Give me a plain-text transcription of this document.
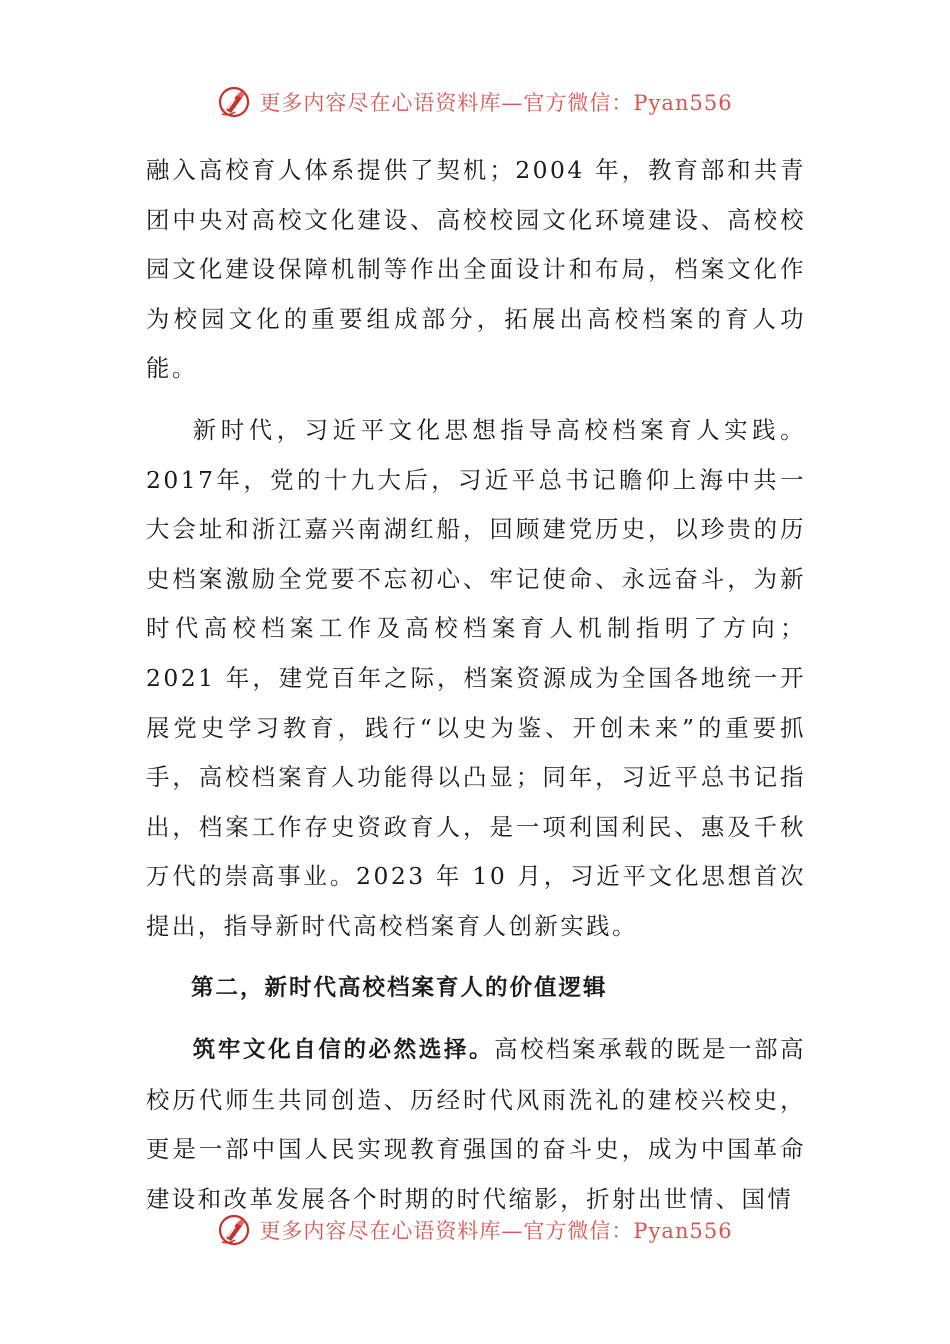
更多内容尽在心语资料库—官方微信：Pyan556

融入高校育人体系提供了契机；2004 年，教育部和共青团中央对高校文化建设、高校校园文化环境建设、高校校园文化建设保障机制等作出全面设计和布局，档案文化作为校园文化的重要组成部分，拓展出高校档案的育人功能。

新时代，习近平文化思想指导高校档案育人实践。2017年，党的十九大后，习近平总书记瞻仰上海中共一大会址和浙江嘉兴南湖红船，回顾建党历史，以珍贵的历史档案激励全党要不忘初心、牢记使命、永远奋斗，为新时代高校档案工作及高校档案育人机制指明了方向；2021 年，建党百年之际，档案资源成为全国各地统一开展党史学习教育，践行“以史为鉴、开创未来”的重要抓手，高校档案育人功能得以凸显；同年，习近平总书记指出，档案工作存史资政育人，是一项利国利民、惠及千秋万代的崇高事业。2023 年 10 月，习近平文化思想首次提出，指导新时代高校档案育人创新实践。

第二，新时代高校档案育人的价值逻辑

筑牢文化自信的必然选择。高校档案承载的既是一部高校历代师生共同创造、历经时代风雨洗礼的建校兴校史，更是一部中国人民实现教育强国的奋斗史，成为中国革命建设和改革发展各个时期的时代缩影，折射出世情、国情

更多内容尽在心语资料库—官方微信：Pyan556
